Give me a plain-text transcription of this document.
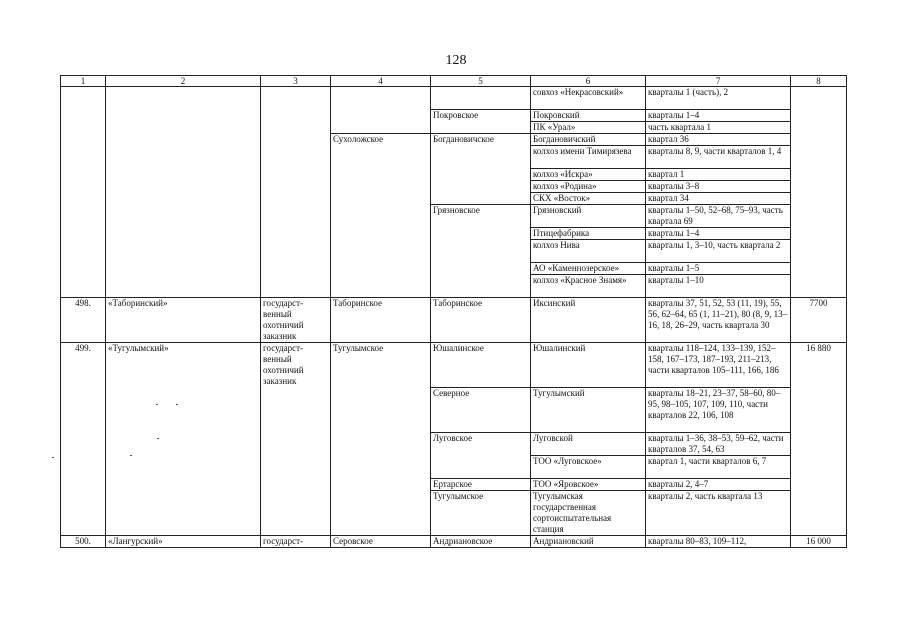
128
1	2	3	4	5	6	7	8
					совхоз «Некрасовский»	кварталы 1 (часть), 2	
				Покровское	Покровский	кварталы 1–4	
					ПК «Урал»	часть квартала 1	
			Сухоложское	Богдановичское	Богдановичский	квартал 36	
					колхоз имени Тимирязева	кварталы 8, 9, части кварталов 1, 4	
					колхоз «Искра»	квартал 1	
					колхоз «Родина»	кварталы 3–8	
					СКХ «Восток»	квартал 34	
				Грязновское	Грязновский	кварталы 1–50, 52–68, 75–93, часть квартала 69	
					Птицефабрика	кварталы 1–4	
					колхоз Нива	кварталы 1, 3–10, часть квартала 2	
					АО «Каменнозерское»	кварталы 1–5	
					колхоз «Красное Знамя»	кварталы 1–10	
498.	«Таборинский»	государст-венный охотничий заказник	Таборинское	Таборинское	Иксинский	кварталы 37, 51, 52, 53 (11, 19), 55, 56, 62–64, 65 (1, 11–21), 80 (8, 9, 13–16, 18, 26–29, часть квартала 30	7700
499.	«Тугулымский»	государст-венный охотничий заказник	Тугулымское	Юшалинское	Юшалинский	кварталы 118–124, 133–139, 152–158, 167–173, 187–193, 211–213, части кварталов 105–111, 166, 186	16 880
				Северное	Тугулымский	кварталы 18–21, 23–37, 58–60, 80–95, 98–105, 107, 109, 110, части кварталов 22, 106, 108	
				Луговское	Луговской	кварталы 1–36, 38–53, 59–62, части кварталов 37, 54, 63	
					ТОО «Луговское»	квартал 1, части кварталов 6, 7	
				Ертарское	ТОО «Яровское»	кварталы 2, 4–7	
				Тугулымское	Тугулымская государственная сортоиспытательная станция	кварталы 2, часть квартала 13	
500.	«Лангурский»	государст-	Серовское	Андриановское	Андриановский	кварталы 80–83, 109–112,	16 000
